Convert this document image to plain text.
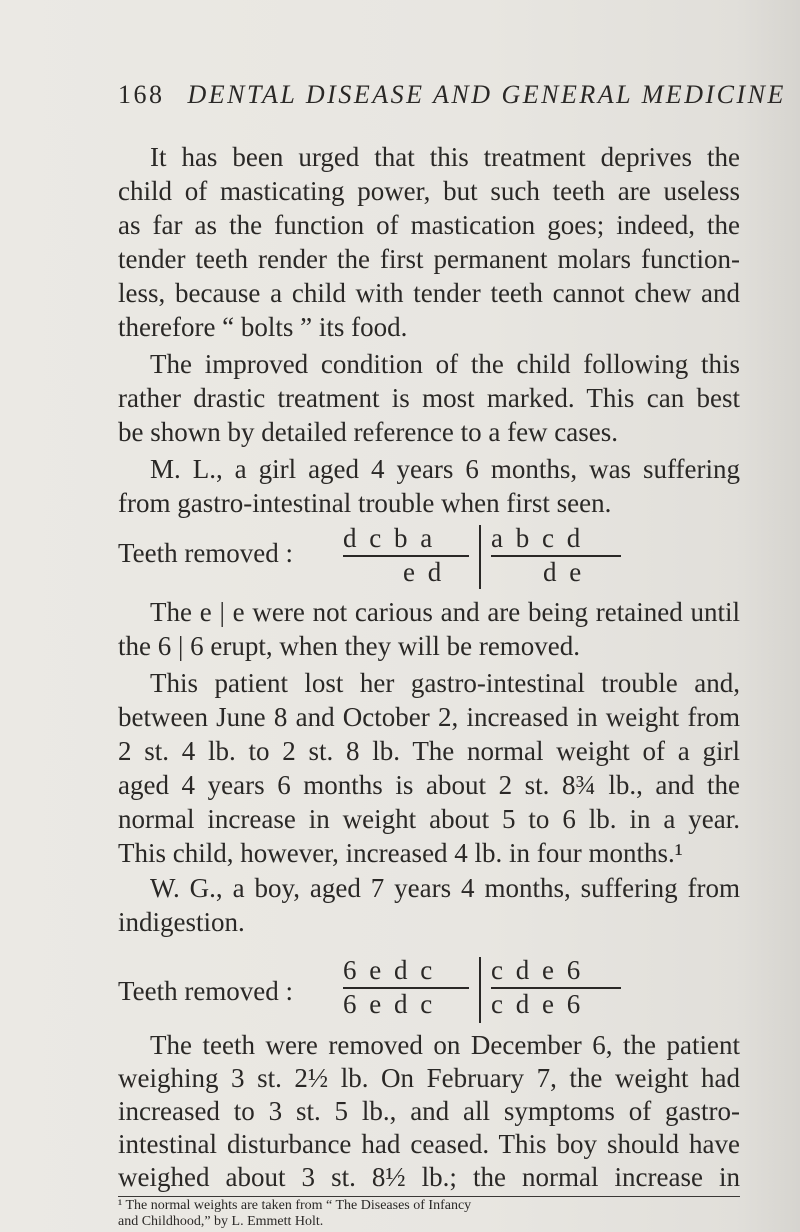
168 DENTAL DISEASE AND GENERAL MEDICINE
It has been urged that this treatment deprives the
child of masticating power, but such teeth are useless
as far as the function of mastication goes; indeed, the
tender teeth render the first permanent molars function-
less, because a child with tender teeth cannot chew and
therefore “ bolts ” its food.
The improved condition of the child following this
rather drastic treatment is most marked. This can best
be shown by detailed reference to a few cases.
M. L., a girl aged 4 years 6 months, was suffering
from gastro-intestinal trouble when first seen.
Teeth removed : d c b a a b c d
e d	d e
The e | e were not carious and are being retained until
the 6 | 6 erupt, when they will be removed.
This patient lost her gastro-intestinal trouble and,
between June 8 and October 2, increased in weight from
2 st. 4 lb. to 2 st. 8 lb. The normal weight of a girl
aged 4 years 6 months is about 2 st. 8¾ lb., and the
normal increase in weight about 5 to 6 lb. in a year.
This child, however, increased 4 lb. in four months.¹
W. G., a boy, aged 7 years 4 months, suffering from
indigestion.
Teeth removed :
6 e d c c d e 6
6 e d c c d e 6
The teeth were removed on December 6, the patient
weighing 3 st. 2½ lb. On February 7, the weight had
increased to 3 st. 5 lb., and all symptoms of gastro-
intestinal disturbance had ceased. This boy should have
weighed about 3 st. 8½ lb.; the normal increase in
¹ The normal weights are taken from “ The Diseases of Infancy
and Childhood,” by L. Emmett Holt.
